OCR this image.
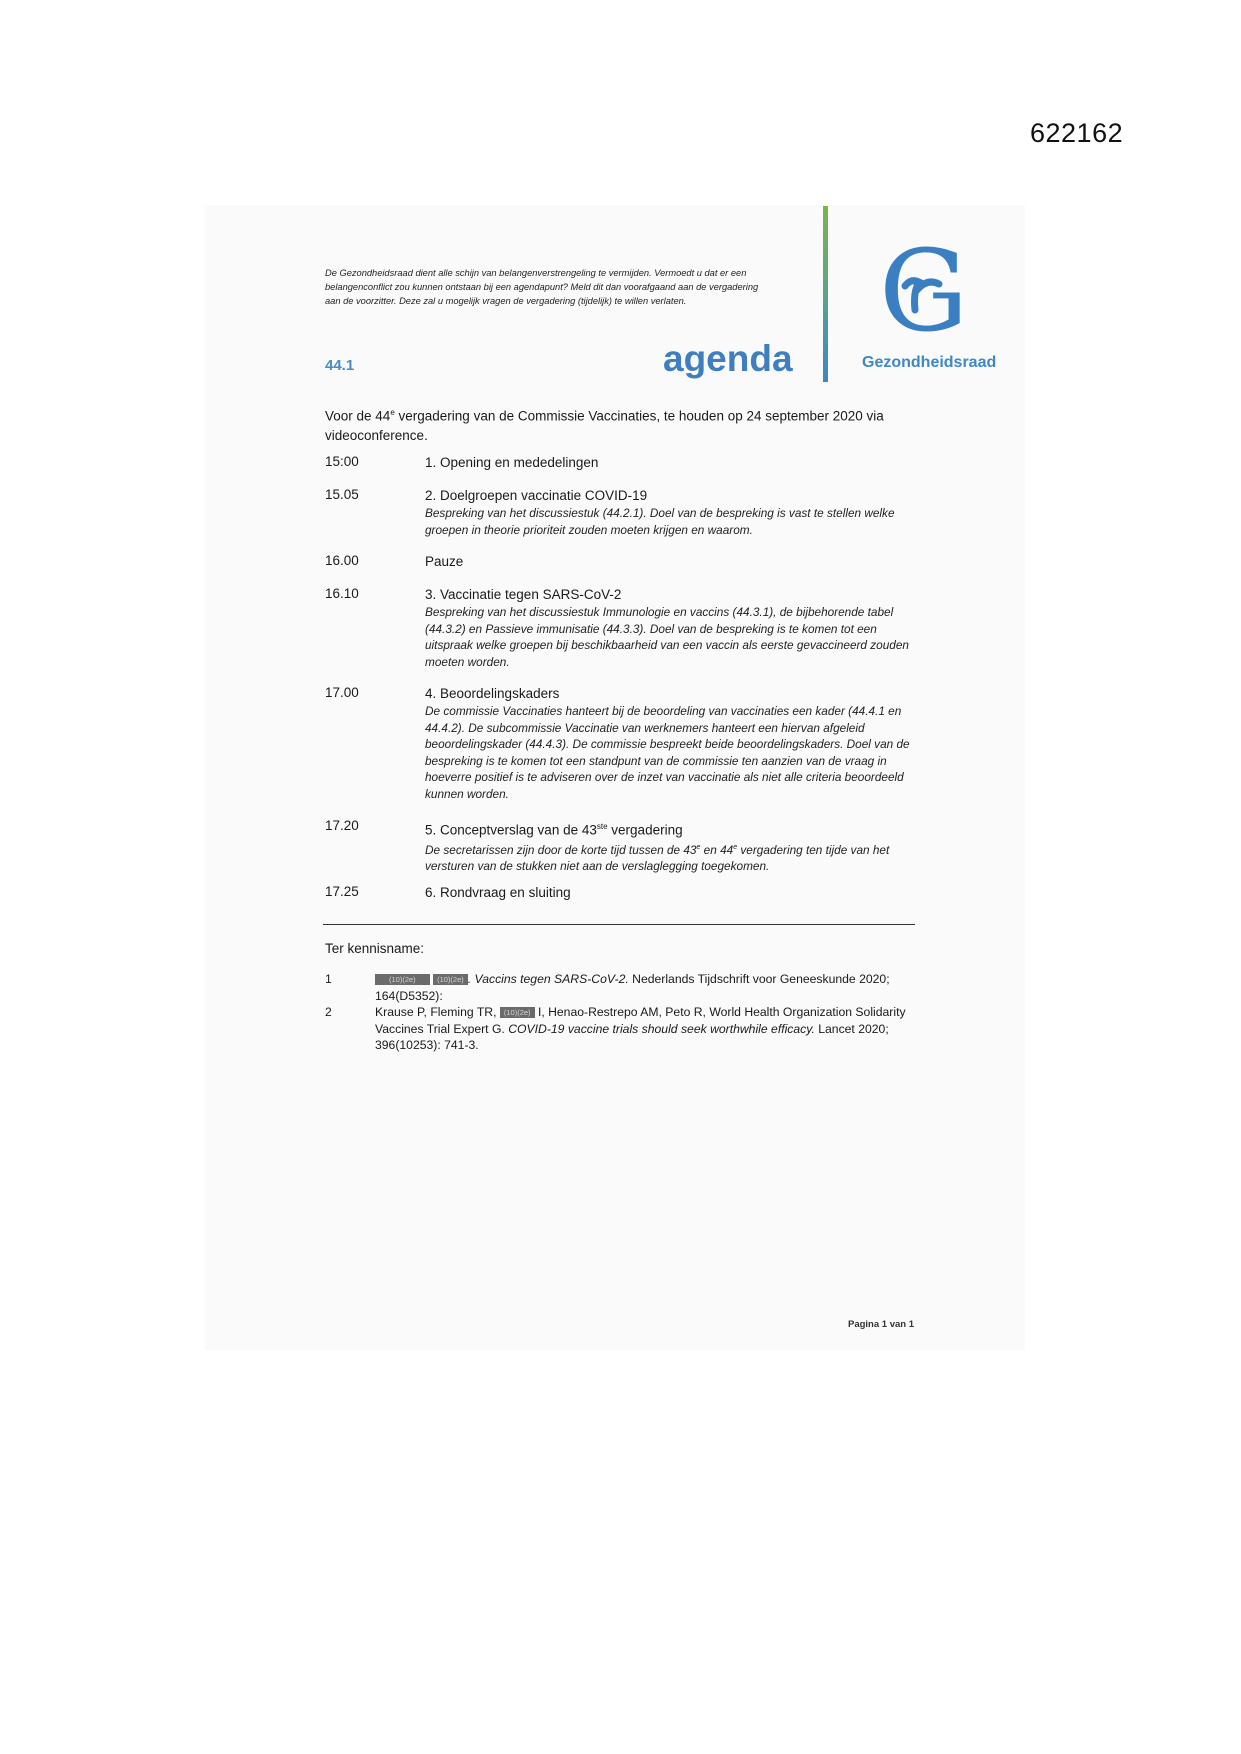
622162
De Gezondheidsraad dient alle schijn van belangenverstrengeling te vermijden. Vermoedt u dat er een belangenconflict zou kunnen ontstaan bij een agendapunt? Meld dit dan voorafgaand aan de vergadering aan de voorzitter. Deze zal u mogelijk vragen de vergadering (tijdelijk) te willen verlaten.
44.1	agenda
G
Gezondheidsraad
Voor de 44e vergadering van de Commissie Vaccinaties, te houden op 24 september 2020 via videoconference.
15:00	1. Opening en mededelingen
15.05	2. Doelgroepen vaccinatie COVID-19
Bespreking van het discussiestuk (44.2.1). Doel van de bespreking is vast te stellen welke groepen in theorie prioriteit zouden moeten krijgen en waarom.
16.00	Pauze
16.10	3. Vaccinatie tegen SARS-CoV-2
Bespreking van het discussiestuk Immunologie en vaccins (44.3.1), de bijbehorende tabel (44.3.2) en Passieve immunisatie (44.3.3). Doel van de bespreking is te komen tot een uitspraak welke groepen bij beschikbaarheid van een vaccin als eerste gevaccineerd zouden moeten worden.
17.00	4. Beoordelingskaders
De commissie Vaccinaties hanteert bij de beoordeling van vaccinaties een kader (44.4.1 en 44.4.2). De subcommissie Vaccinatie van werknemers hanteert een hiervan afgeleid beoordelingskader (44.4.3). De commissie bespreekt beide beoordelingskaders. Doel van de bespreking is te komen tot een standpunt van de commissie ten aanzien van de vraag in hoeverre positief is te adviseren over de inzet van vaccinatie als niet alle criteria beoordeeld kunnen worden.
17.20	5. Conceptverslag van de 43ste vergadering
De secretarissen zijn door de korte tijd tussen de 43e en 44e vergadering ten tijde van het versturen van de stukken niet aan de verslaglegging toegekomen.
17.25	6. Rondvraag en sluiting
Ter kennisname:
1	(10)(2e)	(10)(2e) . Vaccins tegen SARS-CoV-2. Nederlands Tijdschrift voor Geneeskunde 2020; 164(D5352):
2	Krause P, Fleming TR, (10)(2e) I, Henao-Restrepo AM, Peto R, World Health Organization Solidarity Vaccines Trial Expert G. COVID-19 vaccine trials should seek worthwhile efficacy. Lancet 2020; 396(10253): 741-3.
Pagina 1 van 1
